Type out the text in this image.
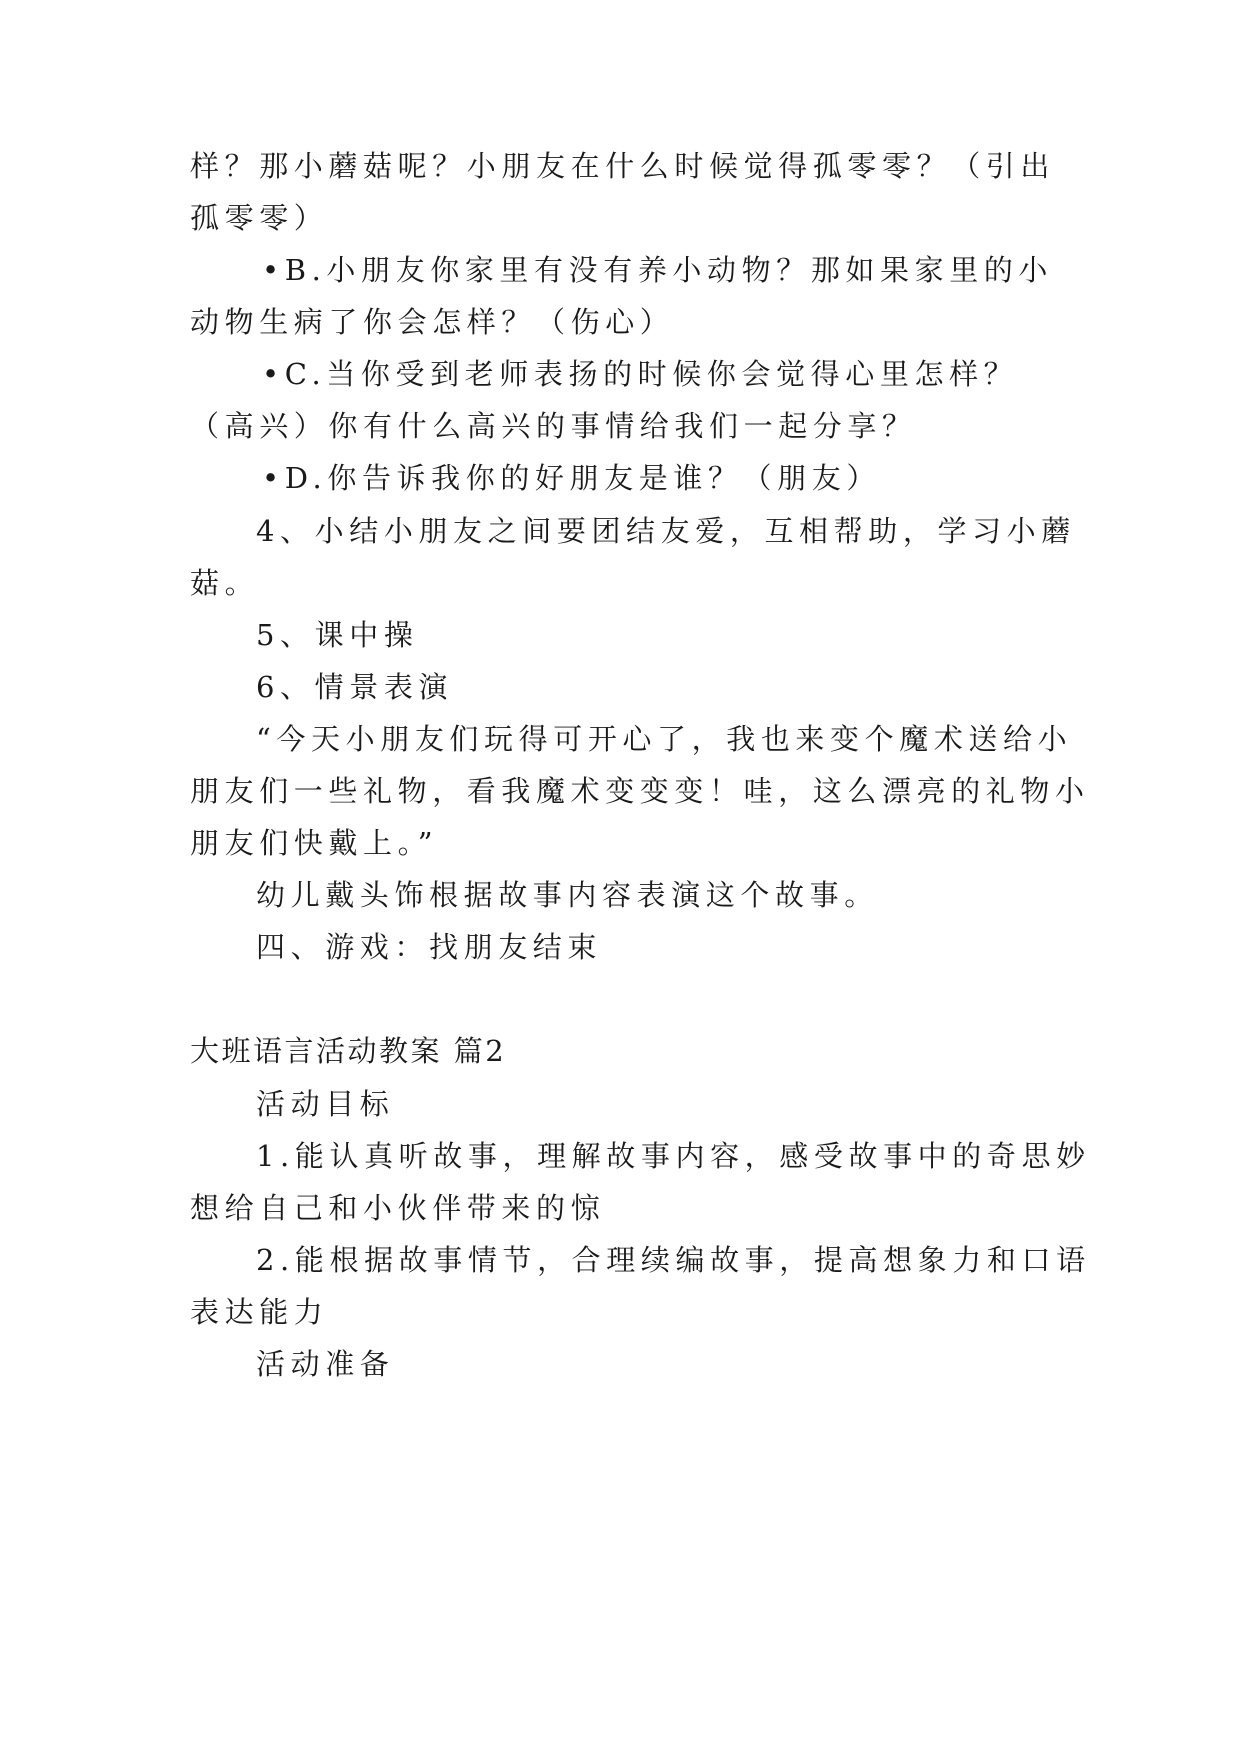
样？那小蘑菇呢？小朋友在什么时候觉得孤零零？（引出
孤零零）
•B.小朋友你家里有没有养小动物？那如果家里的小
动物生病了你会怎样？（伤心）
•C.当你受到老师表扬的时候你会觉得心里怎样？
（高兴）你有什么高兴的事情给我们一起分享？
•D.你告诉我你的好朋友是谁？（朋友）
4、小结小朋友之间要团结友爱，互相帮助，学习小蘑
菇。
5、课中操
6、情景表演
“今天小朋友们玩得可开心了，我也来变个魔术送给小
朋友们一些礼物，看我魔术变变变！哇，这么漂亮的礼物小
朋友们快戴上。”
幼儿戴头饰根据故事内容表演这个故事。
四、游戏：找朋友结束
大班语言活动教案 篇2
活动目标
1.能认真听故事，理解故事内容，感受故事中的奇思妙
想给自己和小伙伴带来的惊
2.能根据故事情节，合理续编故事，提高想象力和口语
表达能力
活动准备
